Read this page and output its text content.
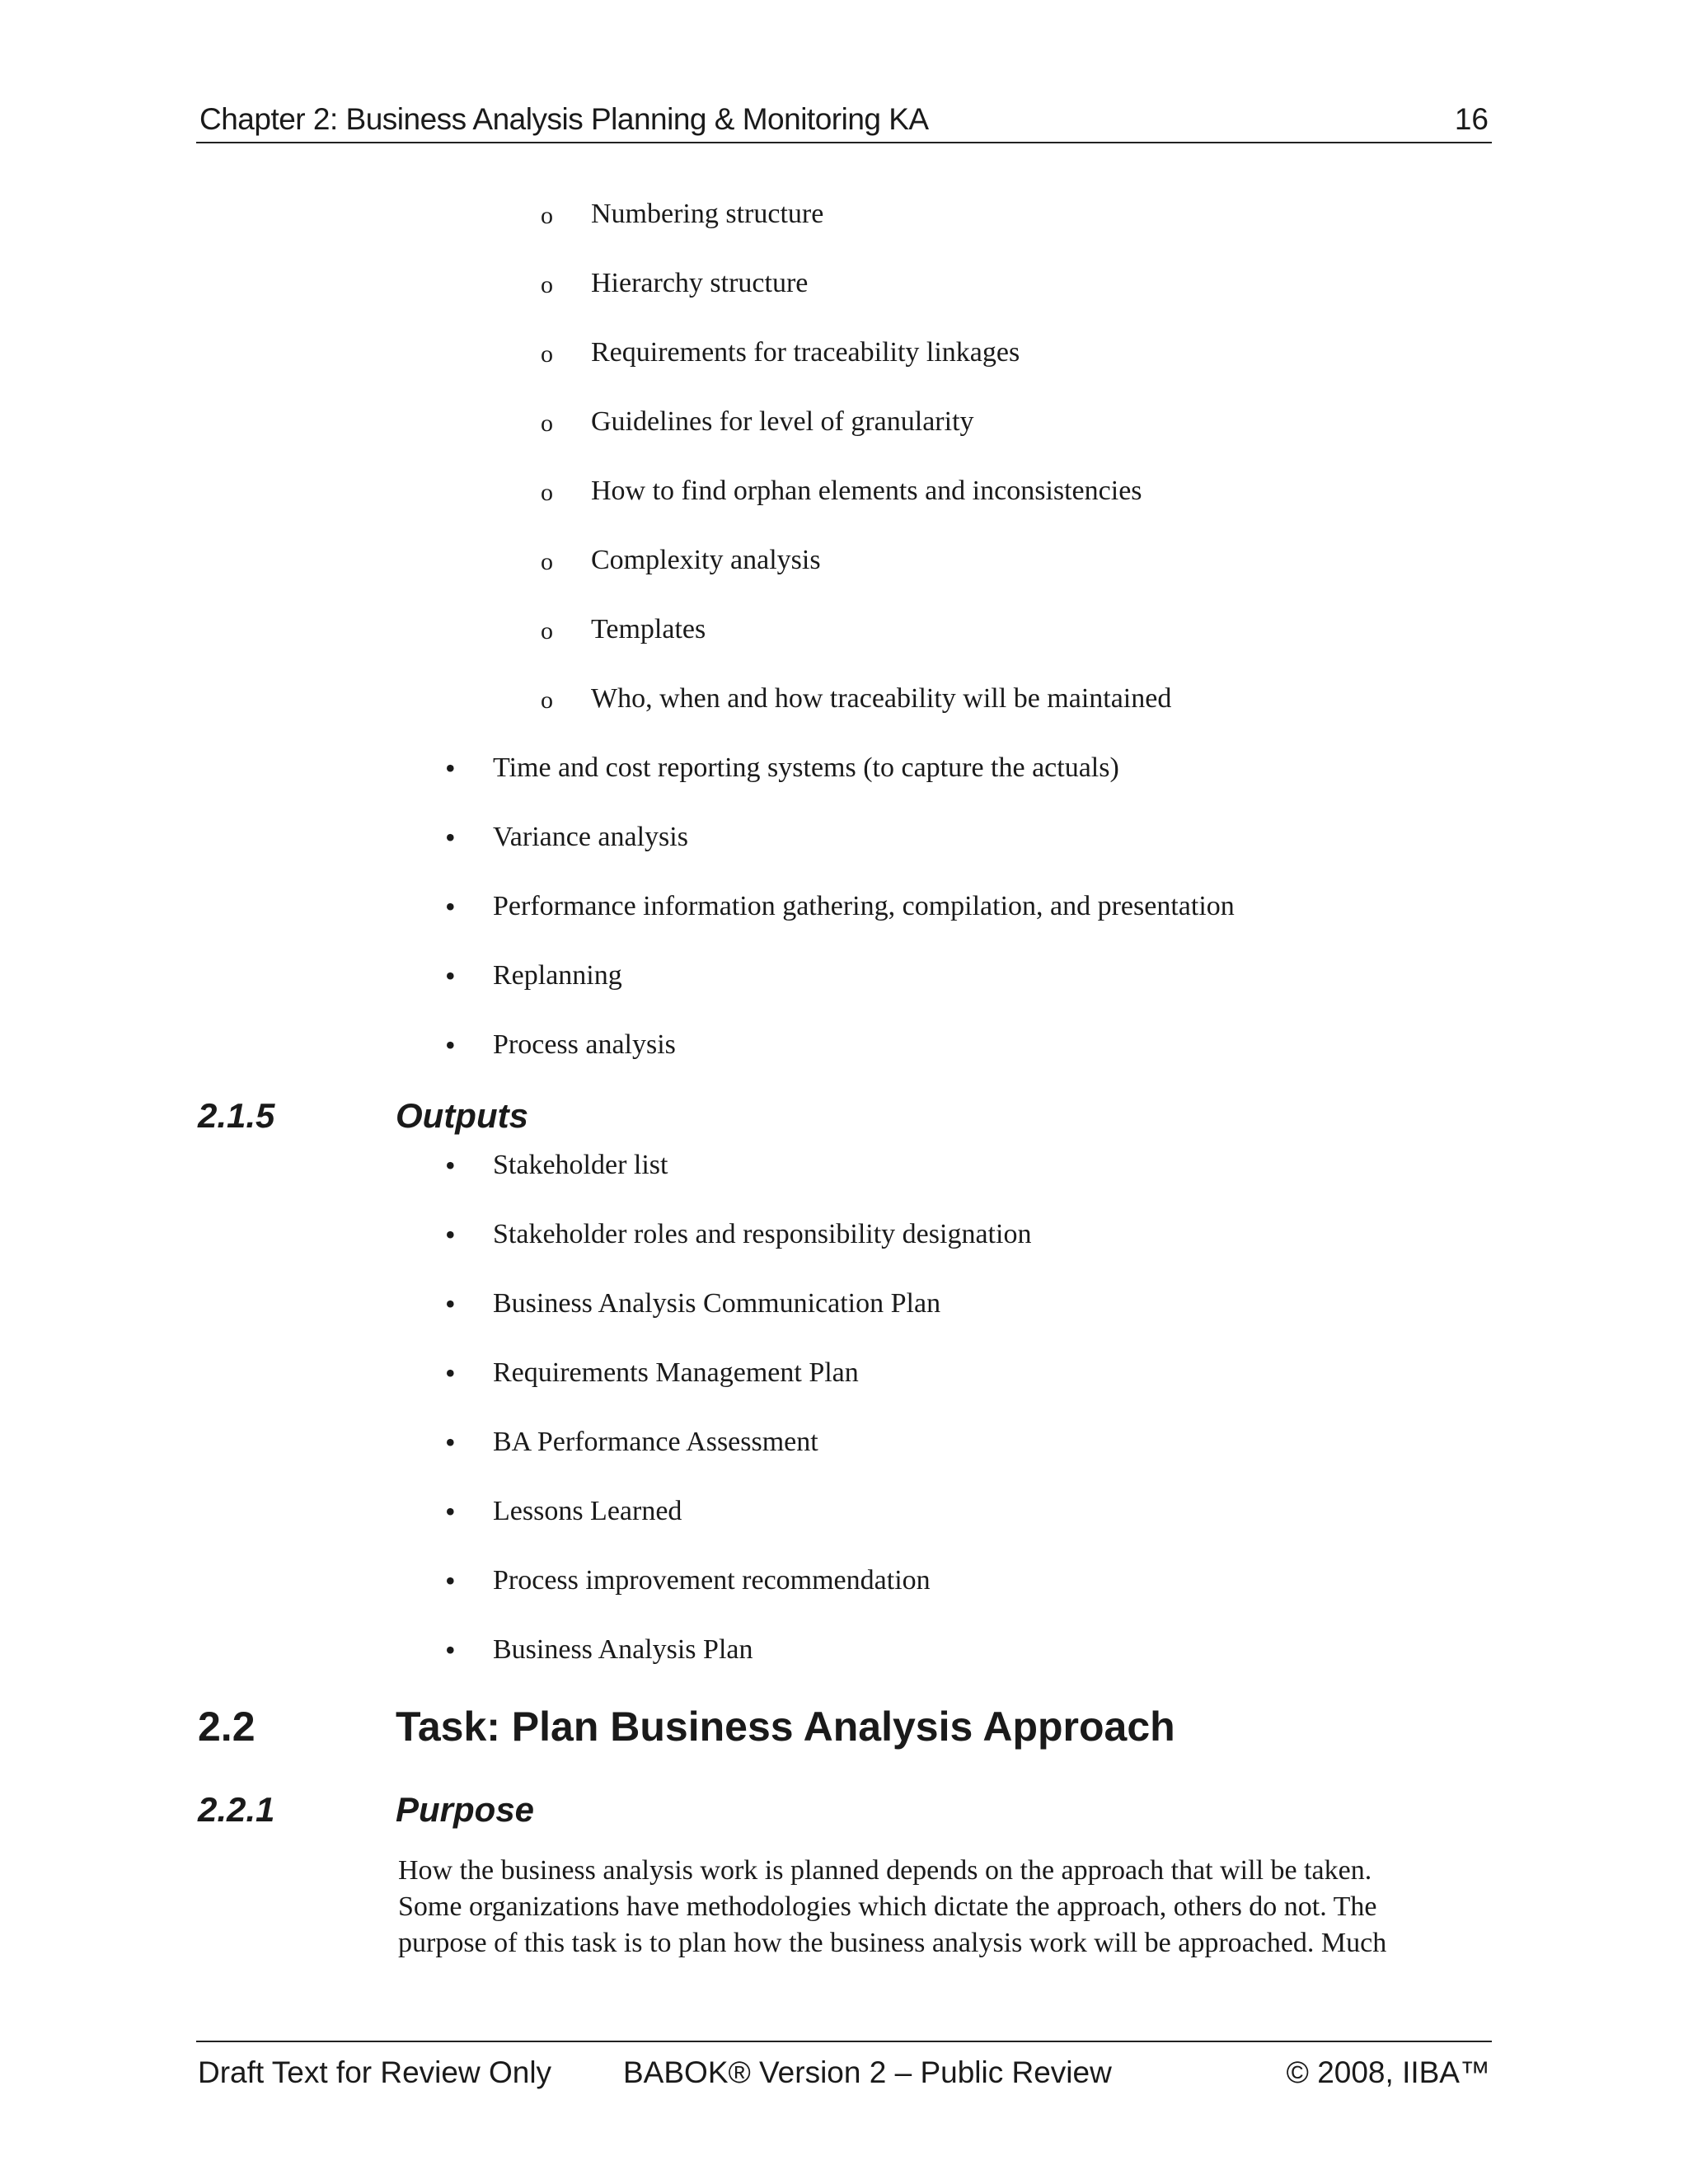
Chapter 2: Business Analysis Planning & Monitoring KA	16
o Numbering structure
o Hierarchy structure
o Requirements for traceability linkages
o Guidelines for level of granularity
o How to find orphan elements and inconsistencies
o Complexity analysis
o Templates
o Who, when and how traceability will be maintained
• Time and cost reporting systems (to capture the actuals)
• Variance analysis
• Performance information gathering, compilation, and presentation
• Replanning
• Process analysis
2.1.5	Outputs
• Stakeholder list
• Stakeholder roles and responsibility designation
• Business Analysis Communication Plan
• Requirements Management Plan
• BA Performance Assessment
• Lessons Learned
• Process improvement recommendation
• Business Analysis Plan
2.2	Task: Plan Business Analysis Approach
2.2.1	Purpose
How the business analysis work is planned depends on the approach that will be taken.
Some organizations have methodologies which dictate the approach, others do not. The
purpose of this task is to plan how the business analysis work will be approached. Much
Draft Text for Review Only BABOK® Version 2 – Public Review	© 2008, IIBA™
